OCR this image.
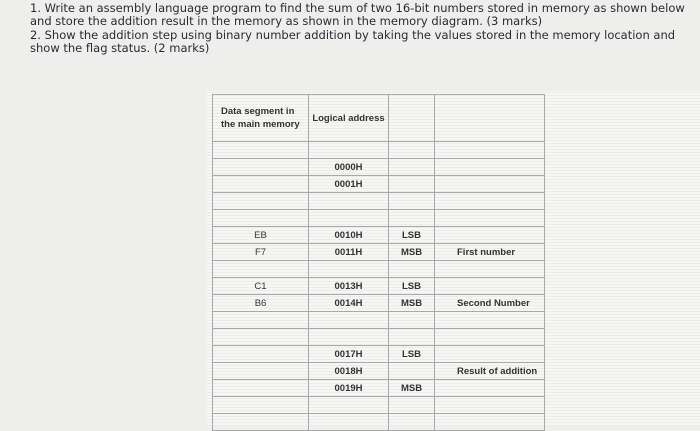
1. Write an assembly language program to find the sum of two 16-bit numbers stored in memory as shown below and store the addition result in the memory as shown in the memory diagram. (3 marks)

2. Show the addition step using binary number addition by taking the values stored in the memory location and show the flag status. (2 marks)

Data segment in the main memory	Logical address		

	0000H		
	0001H		

EB	0010H	LSB	
F7	0011H	MSB	First number

C1	0013H	LSB	
B6	0014H	MSB	Second Number

	0017H	LSB	
	0018H		Result of addition
	0019H	MSB	
